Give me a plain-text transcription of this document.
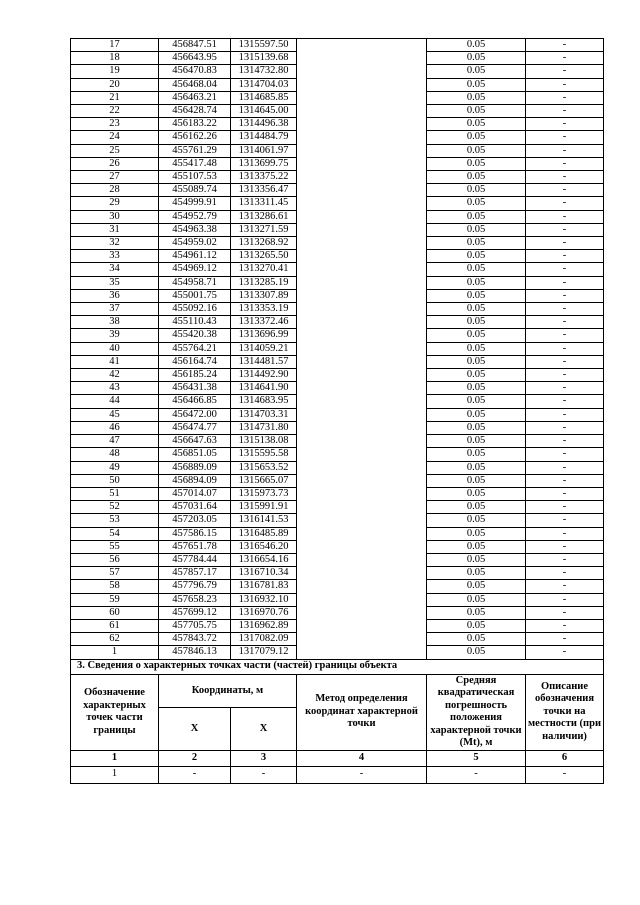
17	456847.51	1315597.50		0.05	-
18	456643.95	1315139.68		0.05	-
19	456470.83	1314732.80		0.05	-
20	456468.04	1314704.03		0.05	-
21	456463.21	1314685.85		0.05	-
22	456428.74	1314645.00		0.05	-
23	456183.22	1314496.38		0.05	-
24	456162.26	1314484.79		0.05	-
25	455761.29	1314061.97		0.05	-
26	455417.48	1313699.75		0.05	-
27	455107.53	1313375.22		0.05	-
28	455089.74	1313356.47		0.05	-
29	454999.91	1313311.45		0.05	-
30	454952.79	1313286.61		0.05	-
31	454963.38	1313271.59		0.05	-
32	454959.02	1313268.92		0.05	-
33	454961.12	1313265.50		0.05	-
34	454969.12	1313270.41		0.05	-
35	454958.71	1313285.19		0.05	-
36	455001.75	1313307.89		0.05	-
37	455092.16	1313353.19		0.05	-
38	455110.43	1313372.46		0.05	-
39	455420.38	1313696.99		0.05	-
40	455764.21	1314059.21		0.05	-
41	456164.74	1314481.57		0.05	-
42	456185.24	1314492.90		0.05	-
43	456431.38	1314641.90		0.05	-
44	456466.85	1314683.95		0.05	-
45	456472.00	1314703.31		0.05	-
46	456474.77	1314731.80		0.05	-
47	456647.63	1315138.08		0.05	-
48	456851.05	1315595.58		0.05	-
49	456889.09	1315653.52		0.05	-
50	456894.09	1315665.07		0.05	-
51	457014.07	1315973.73		0.05	-
52	457031.64	1315991.91		0.05	-
53	457203.05	1316141.53		0.05	-
54	457586.15	1316485.89		0.05	-
55	457651.78	1316546.20		0.05	-
56	457784.44	1316654.16		0.05	-
57	457857.17	1316710.34		0.05	-
58	457796.79	1316781.83		0.05	-
59	457658.23	1316932.10		0.05	-
60	457699.12	1316970.76		0.05	-
61	457705.75	1316962.89		0.05	-
62	457843.72	1317082.09		0.05	-
1	457846.13	1317079.12		0.05	-
3. Сведения о характерных точках части (частей) границы объекта					
Обозначение характерных точек части границы	Координаты, м		Метод определения координат характерной точки	Средняя квадратическая погрешность положения характерной точки (Mt), м	Описание обозначения точки на местности (при наличии)
	X	X			
1	2	3	4	5	6
1	-	-	-	-	-
